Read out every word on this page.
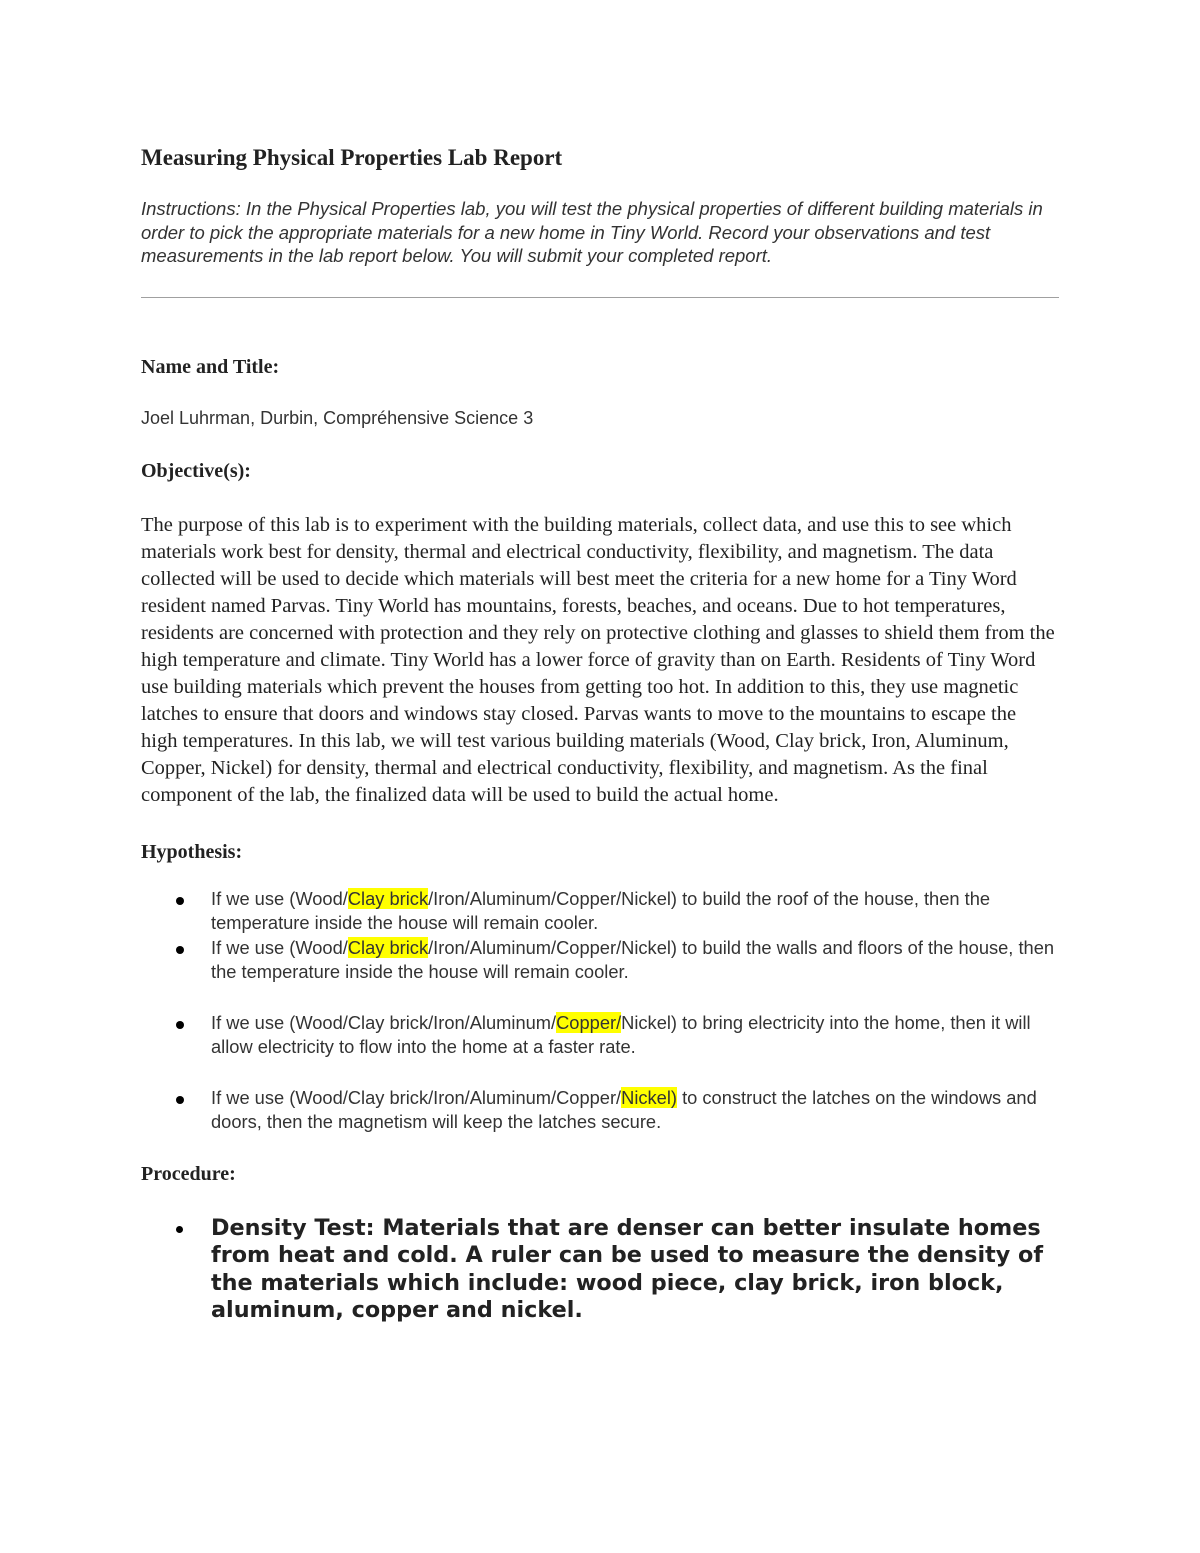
Measuring Physical Properties Lab Report

Instructions: In the Physical Properties lab, you will test the physical properties of different building materials in order to pick the appropriate materials for a new home in Tiny World. Record your observations and test measurements in the lab report below. You will submit your completed report.

Name and Title:

Joel Luhrman, Durbin, Compréhensive Science 3

Objective(s):

The purpose of this lab is to experiment with the building materials, collect data, and use this to see which materials work best for density, thermal and electrical conductivity, flexibility, and magnetism. The data collected will be used to decide which materials will best meet the criteria for a new home for a Tiny Word resident named Parvas. Tiny World has mountains, forests, beaches, and oceans. Due to hot temperatures, residents are concerned with protection and they rely on protective clothing and glasses to shield them from the high temperature and climate. Tiny World has a lower force of gravity than on Earth. Residents of Tiny Word use building materials which prevent the houses from getting too hot. In addition to this, they use magnetic latches to ensure that doors and windows stay closed. Parvas wants to move to the mountains to escape the high temperatures. In this lab, we will test various building materials (Wood, Clay brick, Iron, Aluminum, Copper, Nickel) for density, thermal and electrical conductivity, flexibility, and magnetism. As the final component of the lab, the finalized data will be used to build the actual home.

Hypothesis:
If we use (Wood/Clay brick/Iron/Aluminum/Copper/Nickel) to build the roof of the house, then the temperature inside the house will remain cooler.
If we use (Wood/Clay brick/Iron/Aluminum/Copper/Nickel) to build the walls and floors of the house, then the temperature inside the house will remain cooler.
If we use (Wood/Clay brick/Iron/Aluminum/Copper/Nickel) to bring electricity into the home, then it will allow electricity to flow into the home at a faster rate.
If we use (Wood/Clay brick/Iron/Aluminum/Copper/Nickel) to construct the latches on the windows and doors, then the magnetism will keep the latches secure.
Procedure:
Density Test: Materials that are denser can better insulate homes from heat and cold. A ruler can be used to measure the density of the materials which include: wood piece, clay brick, iron block, aluminum, copper and nickel.
